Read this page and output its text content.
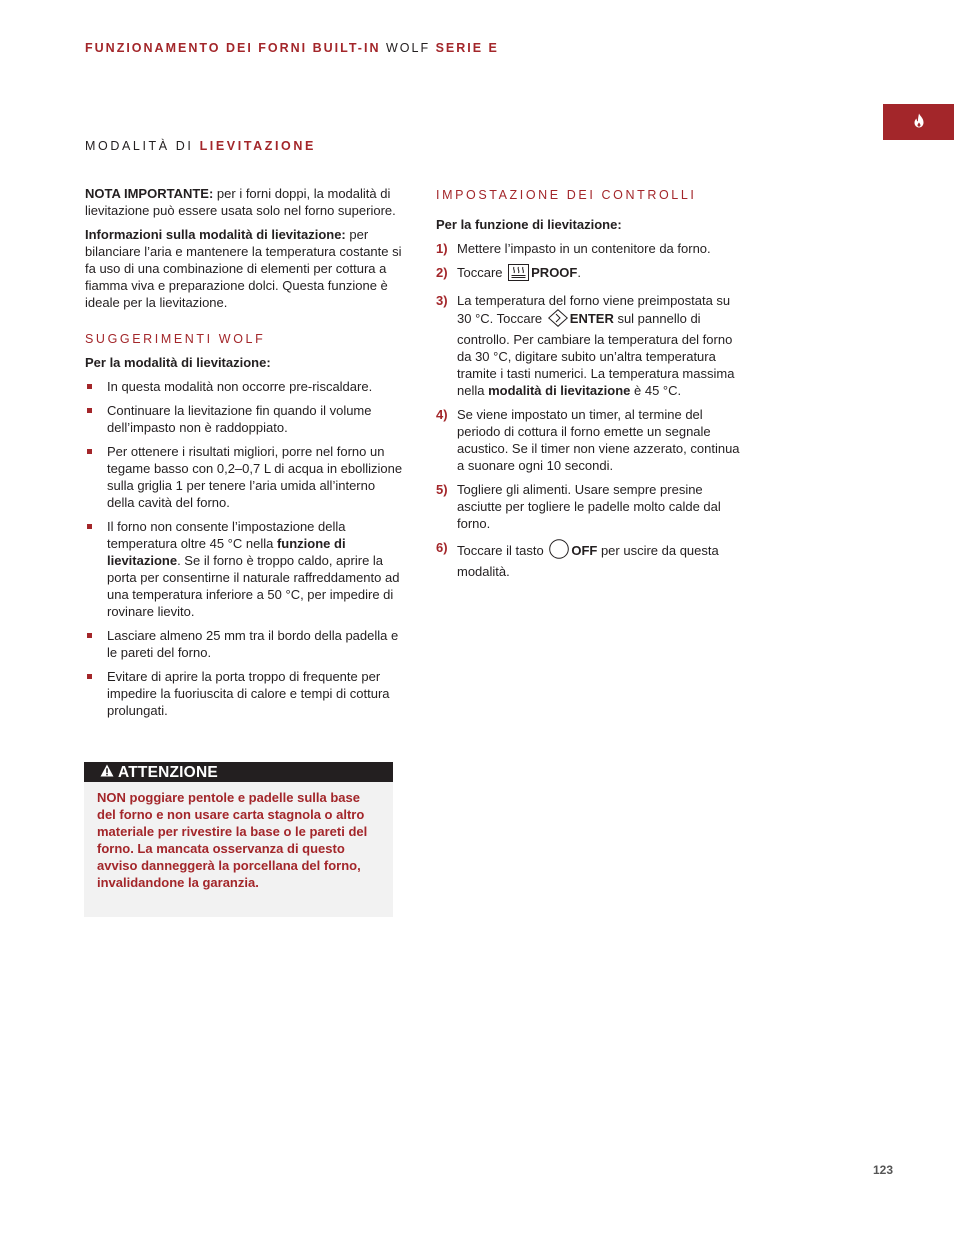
FUNZIONAMENTO DEI FORNI BUILT-IN WOLF SERIE E
MODALITÀ DI LIEVITAZIONE

NOTA IMPORTANTE: per i forni doppi, la modalità di lievitazione può essere usata solo nel forno superiore.

Informazioni sulla modalità di lievitazione: per bilanciare l’aria e mantenere la temperatura costante si fa uso di una combinazione di elementi per cottura a fiamma viva e preparazione dolci. Questa funzione è ideale per la lievitazione.

SUGGERIMENTI WOLF
Per la modalità di lievitazione:
In questa modalità non occorre pre-riscaldare.
Continuare la lievitazione fin quando il volume dell’impasto non è raddoppiato.
Per ottenere i risultati migliori, porre nel forno un tegame basso con 0,2–0,7 L di acqua in ebollizione sulla griglia 1 per tenere l’aria umida all’interno della cavità del forno.
Il forno non consente l’impostazione della temperatura oltre 45 °C nella funzione di lievitazione. Se il forno è troppo caldo, aprire la porta per consentirne il naturale raffreddamento ad una temperatura inferiore a 50 °C, per impedire di rovinare lievito.
Lasciare almeno 25 mm tra il bordo della padella e le pareti del forno.
Evitare di aprire la porta troppo di frequente per impedire la fuoriuscita di calore e tempi di cottura prolungati.
ATTENZIONE
NON poggiare pentole e padelle sulla base del forno e non usare carta stagnola o altro materiale per rivestire la base o le pareti del forno. La mancata osservanza di questo avviso danneggerà la porcellana del forno, invalidandone la garanzia.
IMPOSTAZIONE DEI CONTROLLI
Per la funzione di lievitazione:
1) Mettere l’impasto in un contenitore da forno.
2) Toccare PROOF.
3) La temperatura del forno viene preimpostata su 30 °C. Toccare ENTER sul pannello di controllo. Per cambiare la temperatura del forno da 30 °C, digitare subito un’altra temperatura tramite i tasti numerici. La temperatura massima nella modalità di lievitazione è 45 °C.
4) Se viene impostato un timer, al termine del periodo di cottura il forno emette un segnale acustico. Se il timer non viene azzerato, continua a suonare ogni 10 secondi.
5) Togliere gli alimenti. Usare sempre presine asciutte per togliere le padelle molto calde dal forno.
6) Toccare il tasto OFF per uscire da questa modalità.
123
